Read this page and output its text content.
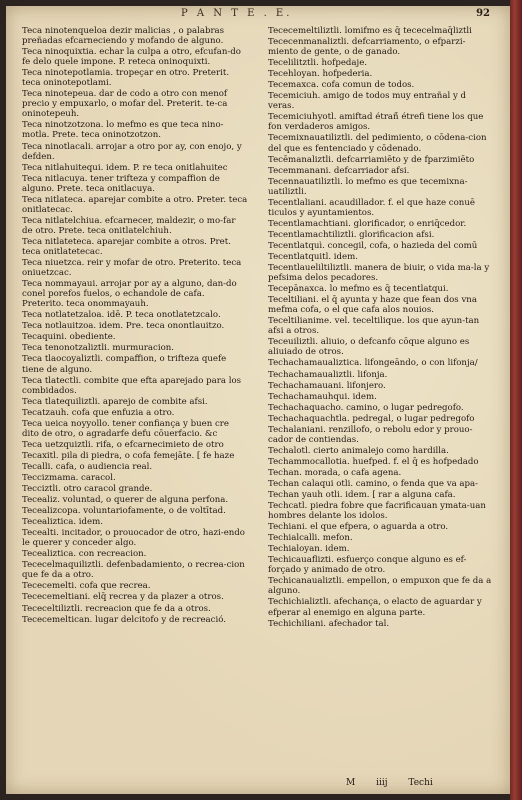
P A N T E . E.	92
Teca ninotenqueloa dezir malicias , o palabras preñadas efcarneciendo y mofando de alguno.
Teca ninoquixtia. echar la culpa a otro, efcufan-do fe delo quele impone. P. reteca oninoquixti.
Teca ninotepotlamia. tropeçar en otro. Preterit. teca oninotepotlami.
Teca ninotepeua. dar de codo a otro con menof precio y empuxarlo, o mofar del. Preterit. te-ca oninotepeuh.
Teca ninotzotzona. lo mefmo es que teca nino-motla. Prete. teca oninotzotzon.
Teca ninotlacali. arrojar a otro por ay, con enojo, y defden.
Teca nitlahuitequi. idem. P. re teca onitlahuitec
Teca nitlacuya. tener trifteza y compaffion de alguno. Prete. teca onitlacuya.
Teca nitlateca. aparejar combite a otro. Preter. teca onitlatecac.
Teca nitlatelchiua. efcarnecer, maldezir, o mo-far de otro. Prete. teca onitlatelchiuh.
Teca nitlateteca. aparejar combite a otros. Pret. teca onitlatetecac.
Teca niuetzca. reir y mofar de otro. Preterito. teca oniuetzcac.
Teca nommayaui. arrojar por ay a alguno, dan-do conel porefos fuelos, o echandole de cafa. Preterito. teca onommayauh.
Teca notlatetzaloa. idē. P. teca onotlatetzcalo.
Teca notlauitzoa. idem. Pre. teca onontlauitzo.
Tecaquini. obediente.
Teca tenonotzaliztli. murmuracion.
Teca tlaocoyaliztli. compaffion, o trifteza quefe tiene de alguno.
Teca tlatectli. combite que efta aparejado para los combidados.
Teca tlatequiliztli. aparejo de combite afsi.
Tecatzauh. cofa que enfuzia a otro.
Teca ueica noyyollo. tener confiança y buen cre dito de otro, o agradarfe defu cōuerfacio. &c
Teca uetzquiztli. rifa, o efcarnecimieto de otro
Tecaxitl. pila di piedra, o cofa femejāte. [ fe haze
Tecalli. cafa, o audiencia real.
Teccizmama. caracol.
Tecciztli. otro caracol grande.
Tecealiz. voluntad, o querer de alguna perfona.
Tecealizcopa. voluntariofamente, o de voltītad.
Tecealiztica. idem.
Tecealti. incitador, o prouocador de otro, hazi-endo le querer y conceder algo.
Tecealiztica. con recreacion.
Tececelmaquiliztli. defenbadamiento, o recrea-cion que fe da a otro.
Tececemelti. cofa que recrea.
Tececemeltiani. elq̄ recrea y da plazer a otros.
Tececeltiliztli. recreacion que fe da a otros.
Tececemeltican. lugar delcitofo y de recreació.
Tececemeltiliztli. lomifmo es q̄ tececelmaq̄liztli
Tececenmanaliztli. defcarriamento, o efparzi-miento de gente, o de ganado.
Tecelilitztli. hofpedaje.
Tecehloyan. hofpederia.
Tecemaxca. cofa comun de todos.
Tecemiciuh. amigo de todos muy entrañal y d veras.
Tecemiciuhyotl. amiftad étrañ̄ étrefi tiene los que fon verdaderos amigos.
Tecemixnauatiliztli. del pedimiento, o cōdena-cion del que es fentenciado y cōdenado.
Tecēmanaliztli. defcarriamiēto y de fparzimiēto
Tecemmanani. defcarriador afsi.
Tecennauatiliztli. lo mefmo es que tecemixna-uatiliztli.
Tecentlaliani. acaudillador. f. el que haze conuē ticulos y ayuntamientos.
Tecentlamachtiani. glorificador, o enriq̄cedor.
Tecentlamachtiliztli. glorificacion afsi.
Tecentlatquì. concegil, cofa, o hazieda del comū
Tecentlatquitl. idem.
Tecentlaueliltiliztli. manera de biuir, o vida ma-la y pefsima delos pecadores.
Tecepānaxca. lo mefmo es q̄ tecentlatqui.
Teceltiliani. el q̄ ayunta y haze que fean dos vna mefma cofa, o el que cafa alos nouios.
Teceltilianime. vel. teceltilique. los que ayun-tan afsi a otros.
Teceuiliztli. aliuio, o defcanfo cōque alguno es aliuiado de otros.
Techachamaualiztica. lifongeāndo, o con lifonja/
Techachamaualiztli. lifonja.
Techachamauani. lifonjero.
Techachamauhqui. idem.
Techachaquacho. camino, o lugar pedregofo.
Techachaquachtla. pedregal, o lugar pedregofo
Techalaniani. renzillofo, o rebolu edor y prouo-cador de contiendas.
Techalotl. cierto animalejo como hardilla.
Techammocallotia. huefped. f. el q̄ es hofpedado
Techan. morada, o cafa agena.
Techan calaqui otli. camino, o fenda que va apa-
Techan yauh otli. idem. [ rar a alguna cafa.
Techcatl. piedra fobre que facrificauan ymata-uan hombres delante los idolos.
Techiani. el que efpera, o aguarda a otro.
Techialcalli. mefon.
Techialoyan. idem.
Techicauaflizti. esfuerço conque alguno es ef-forçado y animado de otro.
Techicanaualiztli. empellon, o empuxon que fe da a alguno.
Techichializtli. afechança, o elacto de aguardar y efperar al enemigo en alguna parte.
Techichiliani. afechador tal.
M iiij Techi
